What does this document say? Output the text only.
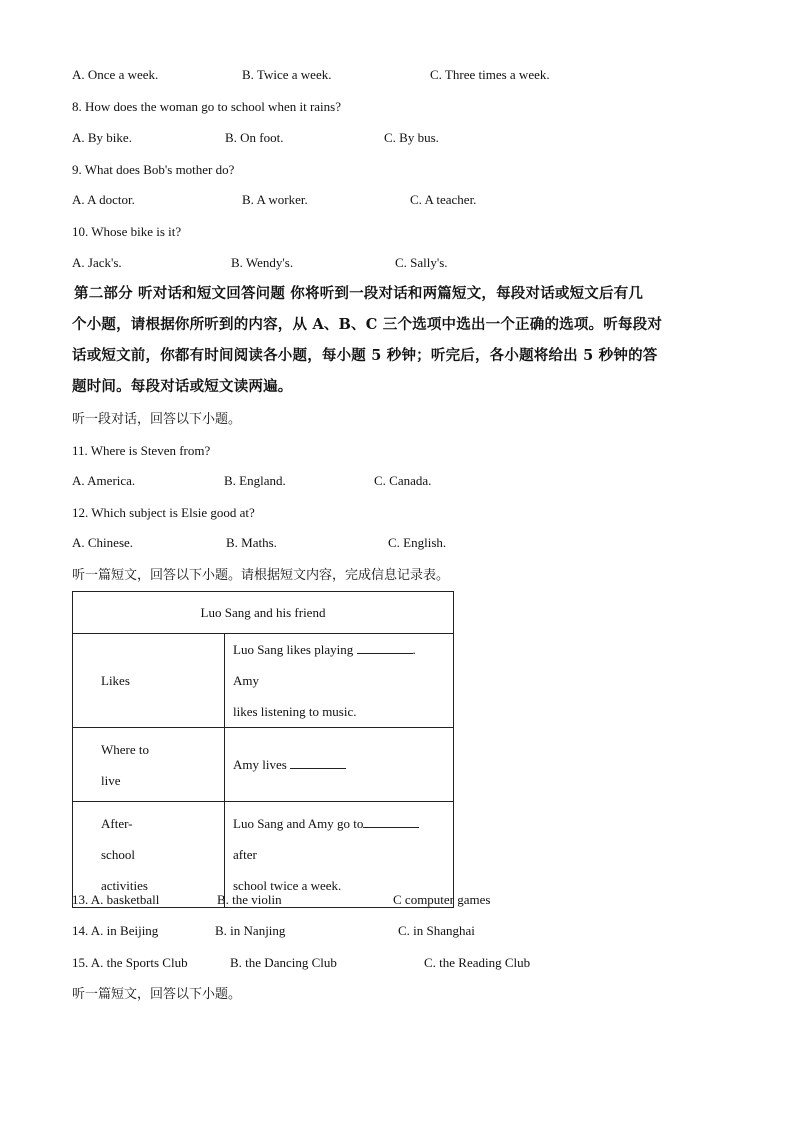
A. Once a week.	B. Twice a week.	C. Three times a week.
8. How does the woman go to school when it rains?
A. By bike.	B. On foot.	C. By bus.
9. What does Bob's mother do?
A. A doctor.	B. A worker.	C. A teacher.
10. Whose bike is it?
A. Jack's.	B. Wendy's.	C. Sally's.
第二部分 听对话和短文回答问题 你将听到一段对话和两篇短文，每段对话或短文后有几
个小题，请根据你所听到的内容，从 A、B、C 三个选项中选出一个正确的选项。听每段对
话或短文前，你都有时间阅读各小题，每小题 5 秒钟；听完后，各小题将给出 5 秒钟的答
题时间。每段对话或短文读两遍。
听一段对话，回答以下小题。
11. Where is Steven from?
A. America.	B. England.	C. Canada.
12. Which subject is Elsie good at?
A. Chinese.	B. Maths.	C. English.
听一篇短文，回答以下小题。请根据短文内容，完成信息记录表。
Luo Sang and his friend	
Likes	Luo Sang likes playing . Amy
likes listening to music.
Where to
live	Amy lives
After-
school
activities	Luo Sang and Amy go to after
school twice a week.
13. A. basketball	B. the violin	C computer games
14. A. in Beijing	B. in Nanjing	C. in Shanghai
15. A. the Sports Club	B. the Dancing Club	C. the Reading Club
听一篇短文，回答以下小题。
